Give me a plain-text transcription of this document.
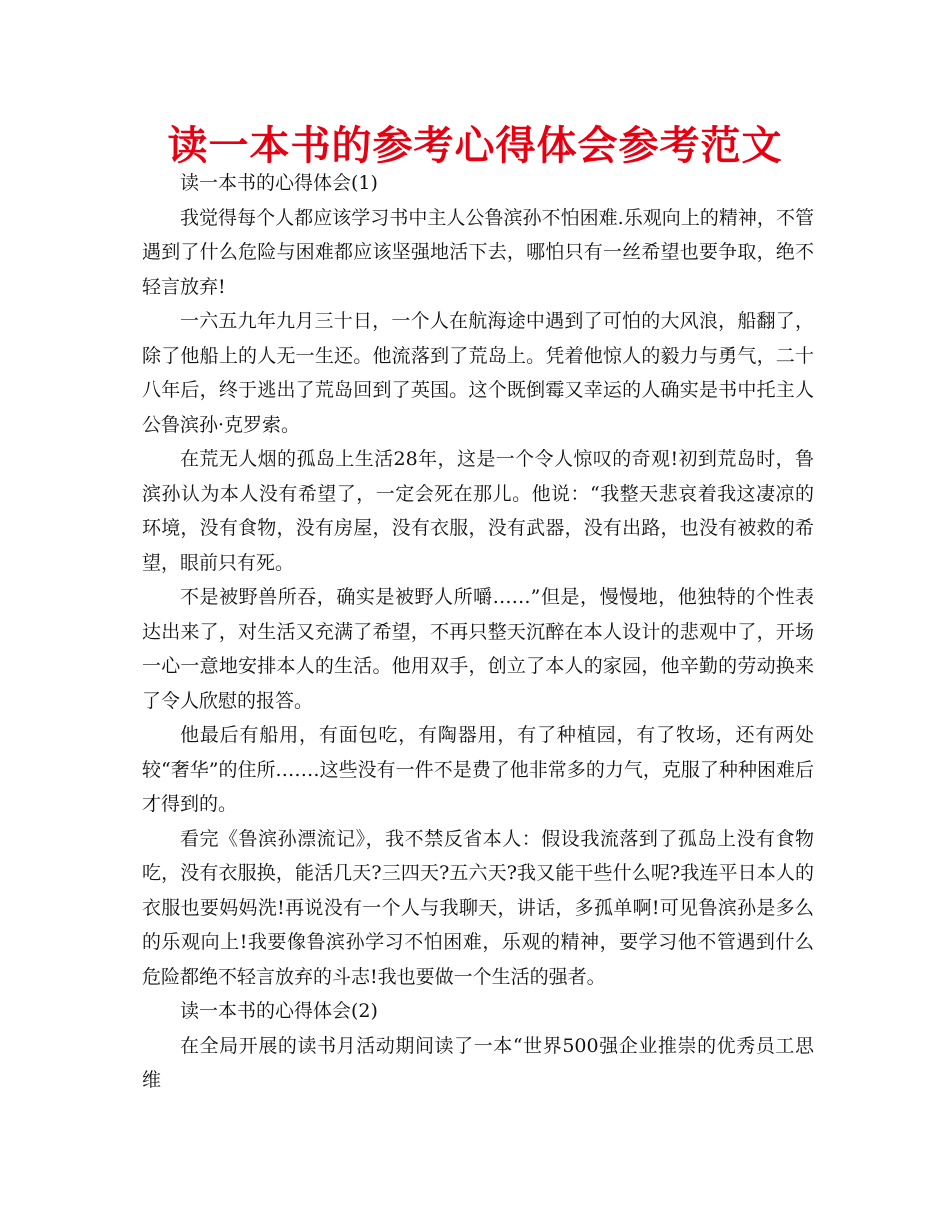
读一本书的参考心得体会参考范文

读一本书的心得体会(1)

我觉得每个人都应该学习书中主人公鲁滨孙不怕困难.乐观向上的精神，不管遇到了什么危险与困难都应该坚强地活下去，哪怕只有一丝希望也要争取，绝不轻言放弃!

一六五九年九月三十日，一个人在航海途中遇到了可怕的大风浪，船翻了，除了他船上的人无一生还。他流落到了荒岛上。凭着他惊人的毅力与勇气，二十八年后，终于逃出了荒岛回到了英国。这个既倒霉又幸运的人确实是书中托主人公鲁滨孙·克罗索。

在荒无人烟的孤岛上生活28年，这是一个令人惊叹的奇观!初到荒岛时，鲁滨孙认为本人没有希望了，一定会死在那儿。他说：“我整天悲哀着我这凄凉的环境，没有食物，没有房屋，没有衣服，没有武器，没有出路，也没有被救的希望，眼前只有死。

不是被野兽所吞，确实是被野人所嚼……”但是，慢慢地，他独特的个性表达出来了，对生活又充满了希望，不再只整天沉醉在本人设计的悲观中了，开场一心一意地安排本人的生活。他用双手，创立了本人的家园，他辛勤的劳动换来了令人欣慰的报答。

他最后有船用，有面包吃，有陶器用，有了种植园，有了牧场，还有两处较“奢华”的住所.……这些没有一件不是费了他非常多的力气，克服了种种困难后才得到的。

看完《鲁滨孙漂流记》，我不禁反省本人：假设我流落到了孤岛上没有食物吃，没有衣服换，能活几天?三四天?五六天?我又能干些什么呢?我连平日本人的衣服也要妈妈洗!再说没有一个人与我聊天，讲话，多孤单啊!可见鲁滨孙是多么的乐观向上!我要像鲁滨孙学习不怕困难，乐观的精神，要学习他不管遇到什么危险都绝不轻言放弃的斗志!我也要做一个生活的强者。

读一本书的心得体会(2)

在全局开展的读书月活动期间读了一本“世界500强企业推崇的优秀员工思维
